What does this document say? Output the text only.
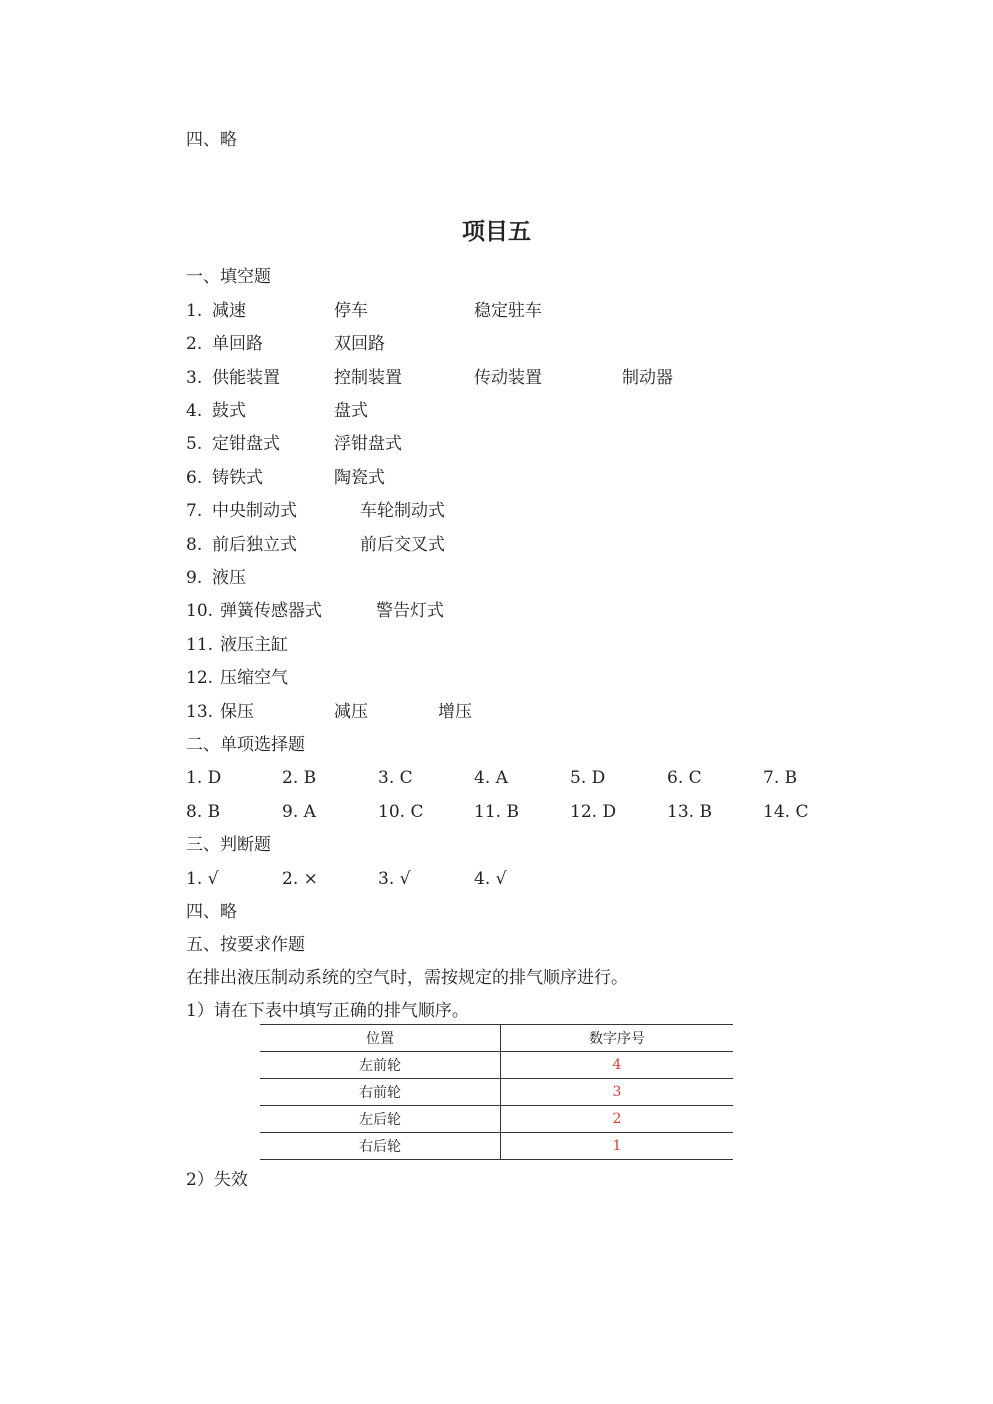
四、略
项目五
一、填空题
1. 减速	停车	稳定驻车
2. 单回路	双回路
3. 供能装置	控制装置	传动装置	制动器
4. 鼓式	盘式
5. 定钳盘式	浮钳盘式
6. 铸铁式	陶瓷式
7. 中央制动式	车轮制动式
8. 前后独立式	前后交叉式
9. 液压
10. 弹簧传感器式	警告灯式
11. 液压主缸
12. 压缩空气
13. 保压	减压	增压
二、单项选择题
1. D	2. B	3. C	4. A	5. D	6. C	7. B
8. B	9. A	10. C	11. B	12. D	13. B	14. C
三、判断题
1. √	2. ×	3. √	4. √
四、略
五、按要求作题
在排出液压制动系统的空气时，需按规定的排气顺序进行。
1）请在下表中填写正确的排气顺序。
位置	数字序号
左前轮	4
右前轮	3
左后轮	2
右后轮	1
2）失效
